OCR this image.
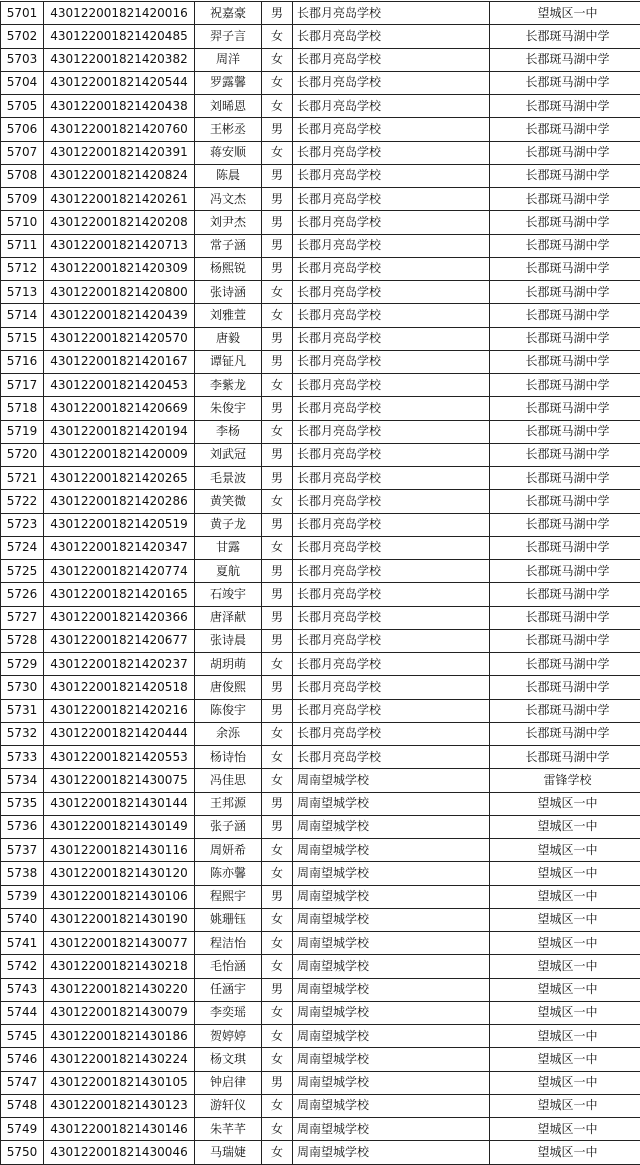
5701	430122001821420016	祝嘉豪	男	长郡月亮岛学校	望城区一中
5702	430122001821420485	羿子言	女	长郡月亮岛学校	长郡斑马湖中学
5703	430122001821420382	周洋	女	长郡月亮岛学校	长郡斑马湖中学
5704	430122001821420544	罗露馨	女	长郡月亮岛学校	长郡斑马湖中学
5705	430122001821420438	刘晞恩	女	长郡月亮岛学校	长郡斑马湖中学
5706	430122001821420760	王彬丞	男	长郡月亮岛学校	长郡斑马湖中学
5707	430122001821420391	蒋安顺	女	长郡月亮岛学校	长郡斑马湖中学
5708	430122001821420824	陈晨	男	长郡月亮岛学校	长郡斑马湖中学
5709	430122001821420261	冯文杰	男	长郡月亮岛学校	长郡斑马湖中学
5710	430122001821420208	刘尹杰	男	长郡月亮岛学校	长郡斑马湖中学
5711	430122001821420713	常子涵	男	长郡月亮岛学校	长郡斑马湖中学
5712	430122001821420309	杨熙锐	男	长郡月亮岛学校	长郡斑马湖中学
5713	430122001821420800	张诗涵	女	长郡月亮岛学校	长郡斑马湖中学
5714	430122001821420439	刘雅萱	女	长郡月亮岛学校	长郡斑马湖中学
5715	430122001821420570	唐毅	男	长郡月亮岛学校	长郡斑马湖中学
5716	430122001821420167	谭钲凡	男	长郡月亮岛学校	长郡斑马湖中学
5717	430122001821420453	李紫龙	女	长郡月亮岛学校	长郡斑马湖中学
5718	430122001821420669	朱俊宇	男	长郡月亮岛学校	长郡斑马湖中学
5719	430122001821420194	李杨	女	长郡月亮岛学校	长郡斑马湖中学
5720	430122001821420009	刘武冠	男	长郡月亮岛学校	长郡斑马湖中学
5721	430122001821420265	毛景波	男	长郡月亮岛学校	长郡斑马湖中学
5722	430122001821420286	黄笑微	女	长郡月亮岛学校	长郡斑马湖中学
5723	430122001821420519	黄子龙	男	长郡月亮岛学校	长郡斑马湖中学
5724	430122001821420347	甘露	女	长郡月亮岛学校	长郡斑马湖中学
5725	430122001821420774	夏航	男	长郡月亮岛学校	长郡斑马湖中学
5726	430122001821420165	石竣宇	男	长郡月亮岛学校	长郡斑马湖中学
5727	430122001821420366	唐泽献	男	长郡月亮岛学校	长郡斑马湖中学
5728	430122001821420677	张诗晨	男	长郡月亮岛学校	长郡斑马湖中学
5729	430122001821420237	胡玥萌	女	长郡月亮岛学校	长郡斑马湖中学
5730	430122001821420518	唐俊熙	男	长郡月亮岛学校	长郡斑马湖中学
5731	430122001821420216	陈俊宇	男	长郡月亮岛学校	长郡斑马湖中学
5732	430122001821420444	余泺	女	长郡月亮岛学校	长郡斑马湖中学
5733	430122001821420553	杨诗怡	女	长郡月亮岛学校	长郡斑马湖中学
5734	430122001821430075	冯佳思	女	周南望城学校	雷锋学校
5735	430122001821430144	王邦源	男	周南望城学校	望城区一中
5736	430122001821430149	张子涵	男	周南望城学校	望城区一中
5737	430122001821430116	周妍希	女	周南望城学校	望城区一中
5738	430122001821430120	陈亦馨	女	周南望城学校	望城区一中
5739	430122001821430106	程熙宇	男	周南望城学校	望城区一中
5740	430122001821430190	姚珊钰	女	周南望城学校	望城区一中
5741	430122001821430077	程洁怡	女	周南望城学校	望城区一中
5742	430122001821430218	毛怡涵	女	周南望城学校	望城区一中
5743	430122001821430220	任涵宇	男	周南望城学校	望城区一中
5744	430122001821430079	李奕瑶	女	周南望城学校	望城区一中
5745	430122001821430186	贺婷婷	女	周南望城学校	望城区一中
5746	430122001821430224	杨文琪	女	周南望城学校	望城区一中
5747	430122001821430105	钟启律	男	周南望城学校	望城区一中
5748	430122001821430123	游轩仪	女	周南望城学校	望城区一中
5749	430122001821430146	朱芊芊	女	周南望城学校	望城区一中
5750	430122001821430046	马瑞婕	女	周南望城学校	望城区一中
